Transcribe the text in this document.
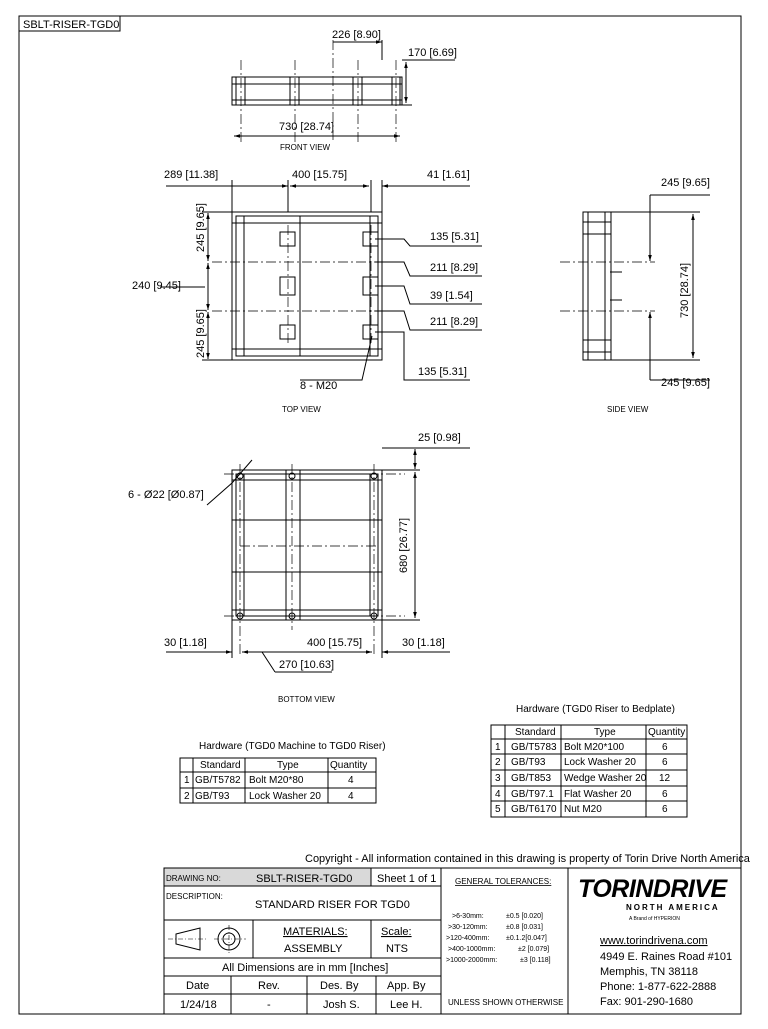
SBLT-RISER-TGD0
226 [8.90]
170 [6.69]
730 [28.74]
FRONT VIEW
289 [11.38]	400 [15.75]	41 [1.61]
245 [9.65]
240 [9.45]
245 [9.65]
135 [5.31]
211 [8.29]
39 [1.54]
211 [8.29]
135 [5.31]
8 - M20
TOP VIEW
245 [9.65]
730 [28.74]
245 [9.65]
SIDE VIEW
25 [0.98]
6 - Ø22 [Ø0.87]
680 [26.77]
30 [1.18]	400 [15.75]	30 [1.18]
270 [10.63]
BOTTOM VIEW
Hardware (TGD0 Riser to Bedplate)
Standard	Type	Quantity
1 GB/T5783 Bolt M20*100	6
2 GB/T93 Lock Washer 20	6
3 GB/T853 Wedge Washer 20 12
4 GB/T97.1 Flat Washer 20	6
5 GB/T6170 Nut M20	6
Hardware (TGD0 Machine to TGD0 Riser)
Standard	Type	Quantity
1 GB/T5782 Bolt M20*80	4
2 GB/T93 Lock Washer 20	4
Copyright - All information contained in this drawing is property of Torin Drive North America
DRAWING NO:	SBLT-RISER-TGD0 Sheet 1 of 1
DESCRIPTION:
STANDARD RISER FOR TGD0
MATERIALS:
ASSEMBLY
Scale:
NTS
All Dimensions are in mm [Inches]
Date	Rev.	Des. By	App. By
1/24/18	-	Josh S.	Lee H.
GENERAL TOLERANCES:
>6-30mm:	±0.5 [0.020]
>30-120mm:	±0.8 [0.031]
>120-400mm: ±0.1.2[0.047]
>400-1000mm:	±2 [0.079]
>1000-2000mm:	±3 [0.118]
UNLESS SHOWN OTHERWISE
TORINDRIVE
NORTH AMERICA
A Brand of HYPERION
www.torindrivena.com
4949 E. Raines Road #101
Memphis, TN 38118
Phone: 1-877-622-2888
Fax: 901-290-1680
